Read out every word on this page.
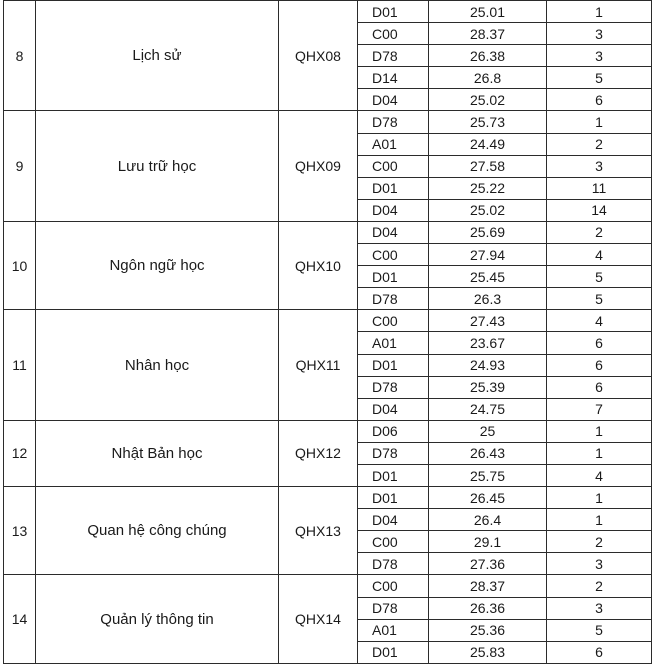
8	Lịch sử	QHX08	D01	25.01	1
			C00	28.37	3
			D78	26.38	3
			D14	26.8	5
			D04	25.02	6
9	Lưu trữ học	QHX09	D78	25.73	1
			A01	24.49	2
			C00	27.58	3
			D01	25.22	11
			D04	25.02	14
10	Ngôn ngữ học	QHX10	D04	25.69	2
			C00	27.94	4
			D01	25.45	5
			D78	26.3	5
11	Nhân học	QHX11	C00	27.43	4
			A01	23.67	6
			D01	24.93	6
			D78	25.39	6
			D04	24.75	7
12	Nhật Bản học	QHX12	D06	25	1
			D78	26.43	1
			D01	25.75	4
13	Quan hệ công chúng	QHX13	D01	26.45	1
			D04	26.4	1
			C00	29.1	2
			D78	27.36	3
14	Quản lý thông tin	QHX14	C00	28.37	2
			D78	26.36	3
			A01	25.36	5
			D01	25.83	6
